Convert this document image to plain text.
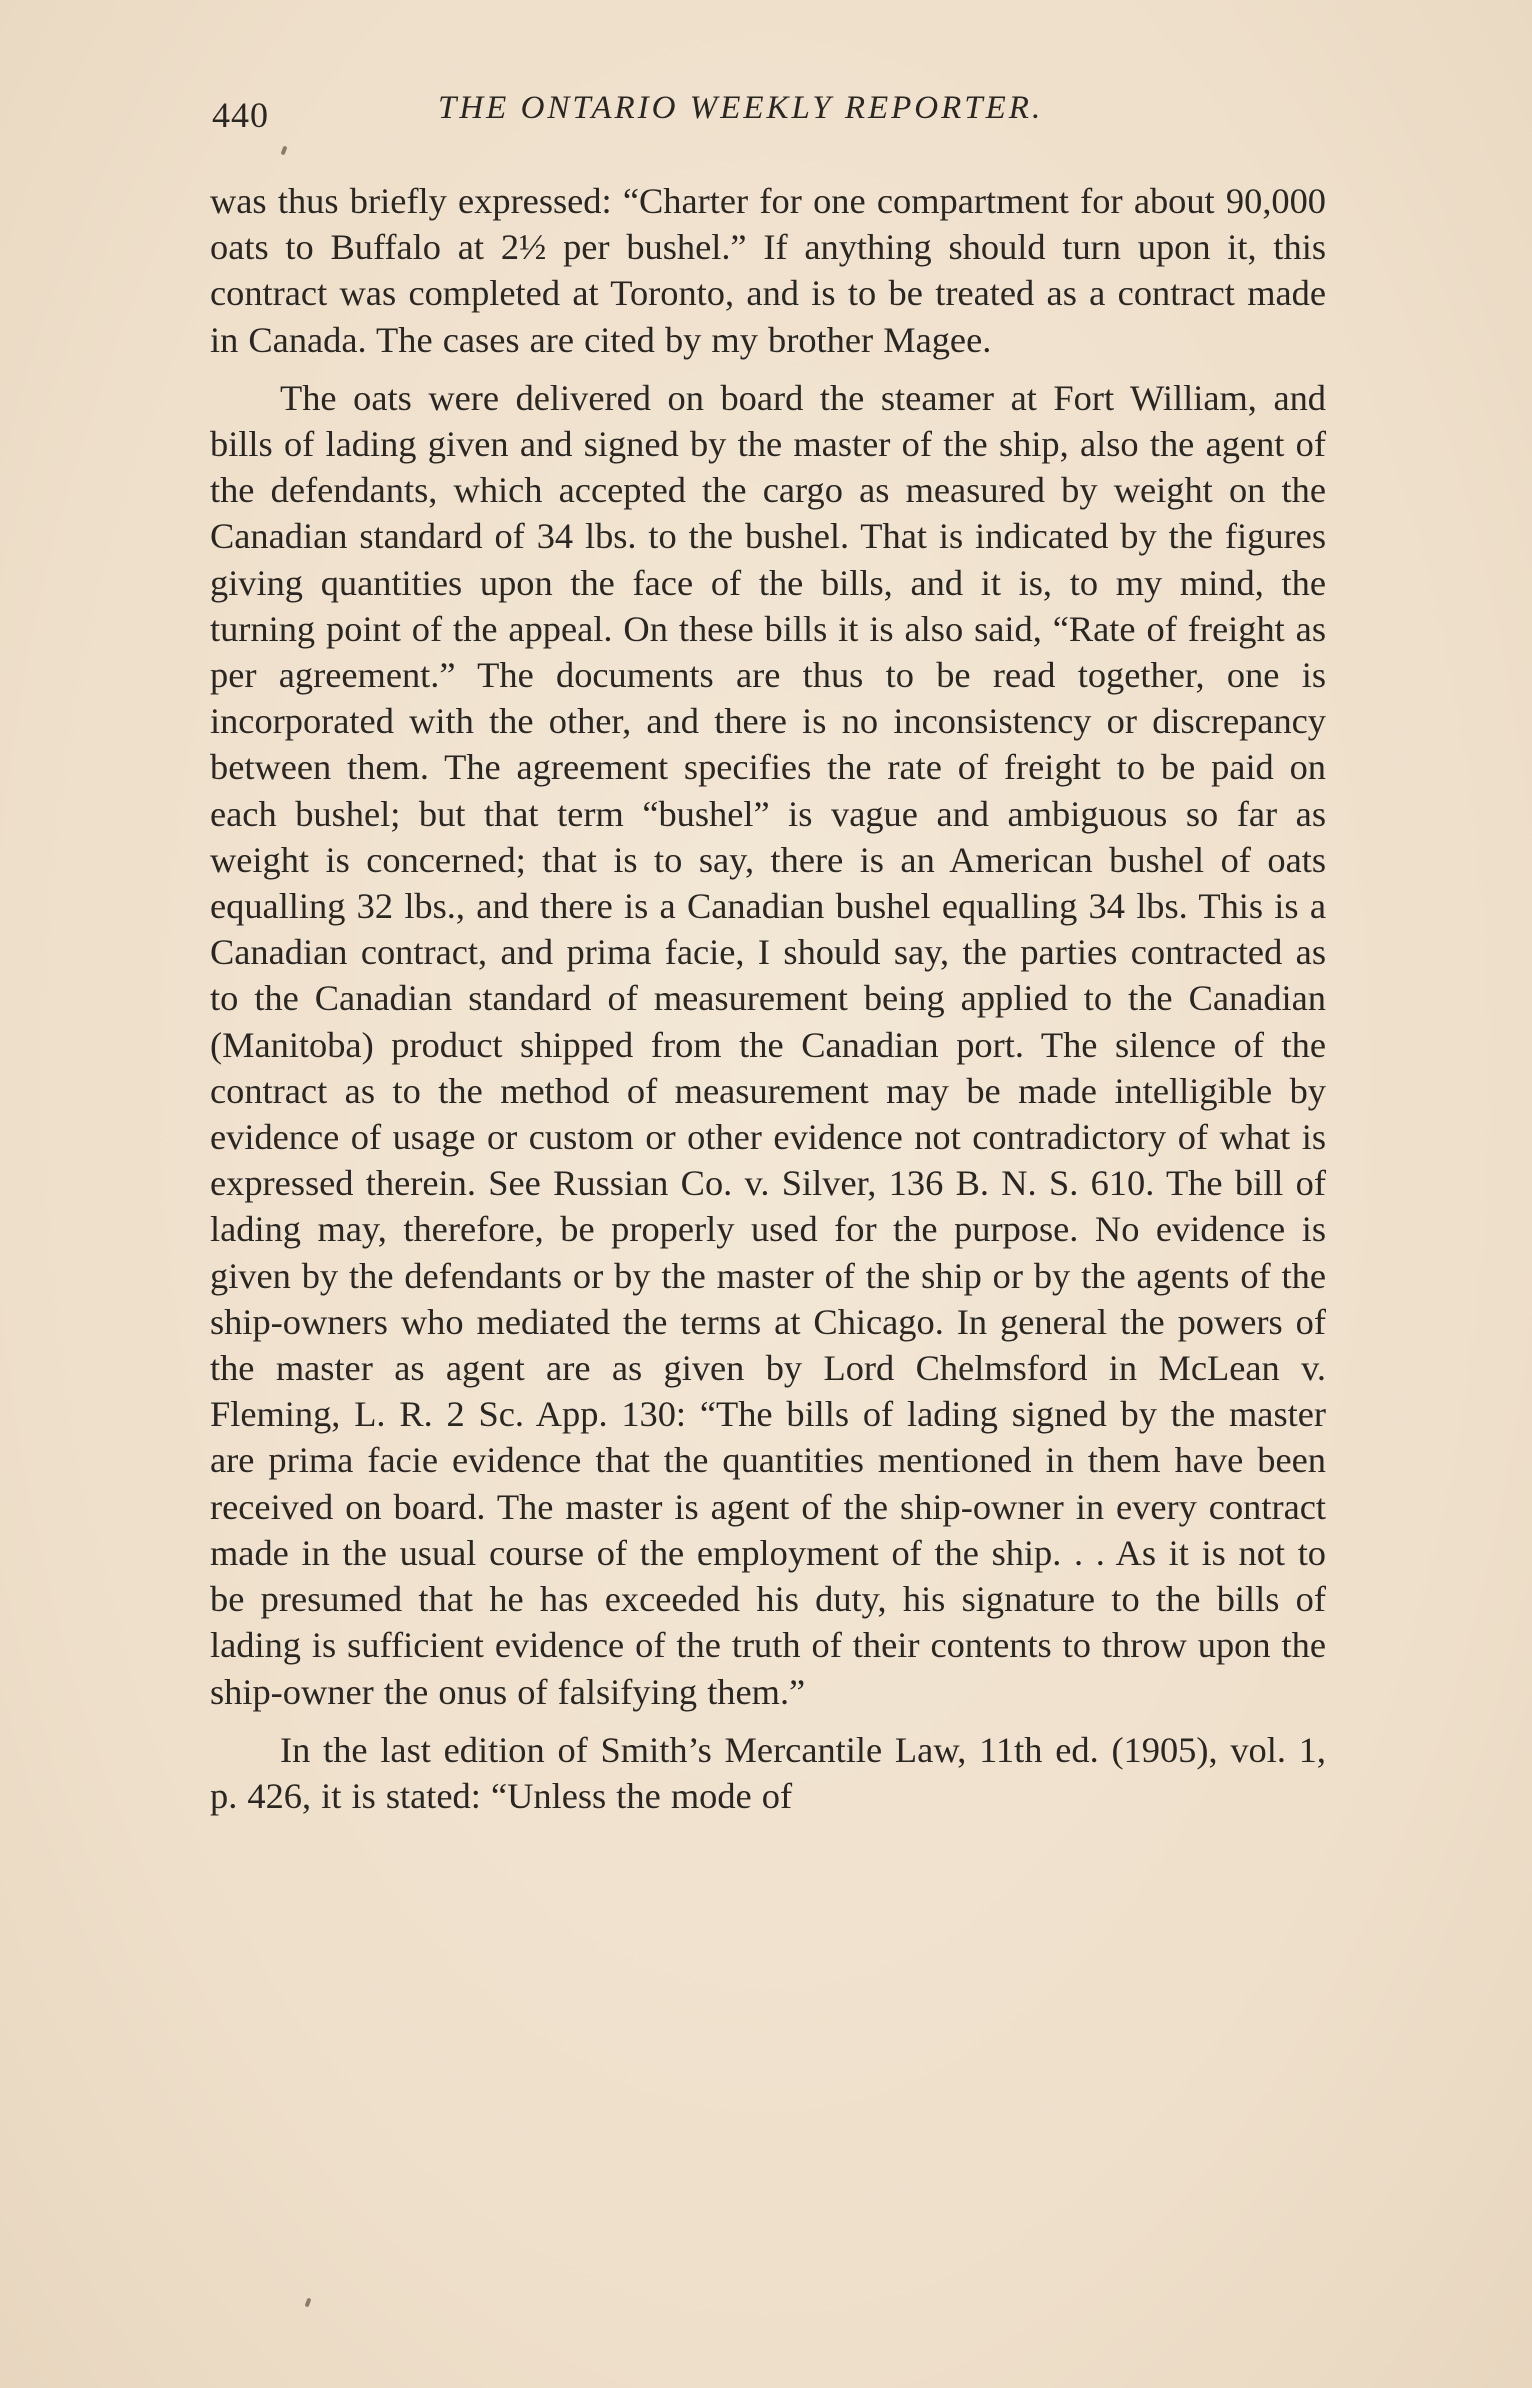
440	THE ONTARIO WEEKLY REPORTER.

was thus briefly expressed: “Charter for one compartment for about 90,000 oats to Buffalo at 2½ per bushel.” If anything should turn upon it, this contract was completed at Toronto, and is to be treated as a contract made in Canada. The cases are cited by my brother Magee.

The oats were delivered on board the steamer at Fort William, and bills of lading given and signed by the master of the ship, also the agent of the defendants, which accepted the cargo as measured by weight on the Canadian standard of 34 lbs. to the bushel. That is indicated by the figures giving quantities upon the face of the bills, and it is, to my mind, the turning point of the appeal. On these bills it is also said, “Rate of freight as per agreement.” The documents are thus to be read together, one is incorporated with the other, and there is no inconsistency or discrepancy between them. The agreement specifies the rate of freight to be paid on each bushel; but that term “bushel” is vague and ambiguous so far as weight is concerned; that is to say, there is an American bushel of oats equalling 32 lbs., and there is a Canadian bushel equalling 34 lbs. This is a Canadian contract, and prima facie, I should say, the parties contracted as to the Canadian standard of measurement being applied to the Canadian (Manitoba) product shipped from the Canadian port. The silence of the contract as to the method of measurement may be made intelligible by evidence of usage or custom or other evidence not contradictory of what is expressed therein. See Russian Co. v. Silver, 136 B. N. S. 610. The bill of lading may, therefore, be properly used for the purpose. No evidence is given by the defendants or by the master of the ship or by the agents of the ship-owners who mediated the terms at Chicago. In general the powers of the master as agent are as given by Lord Chelmsford in McLean v. Fleming, L. R. 2 Sc. App. 130: “The bills of lading signed by the master are prima facie evidence that the quantities mentioned in them have been received on board. The master is agent of the ship-owner in every contract made in the usual course of the employment of the ship. . . As it is not to be presumed that he has exceeded his duty, his signature to the bills of lading is sufficient evidence of the truth of their contents to throw upon the ship-owner the onus of falsifying them.”

In the last edition of Smith’s Mercantile Law, 11th ed. (1905), vol. 1, p. 426, it is stated: “Unless the mode of
